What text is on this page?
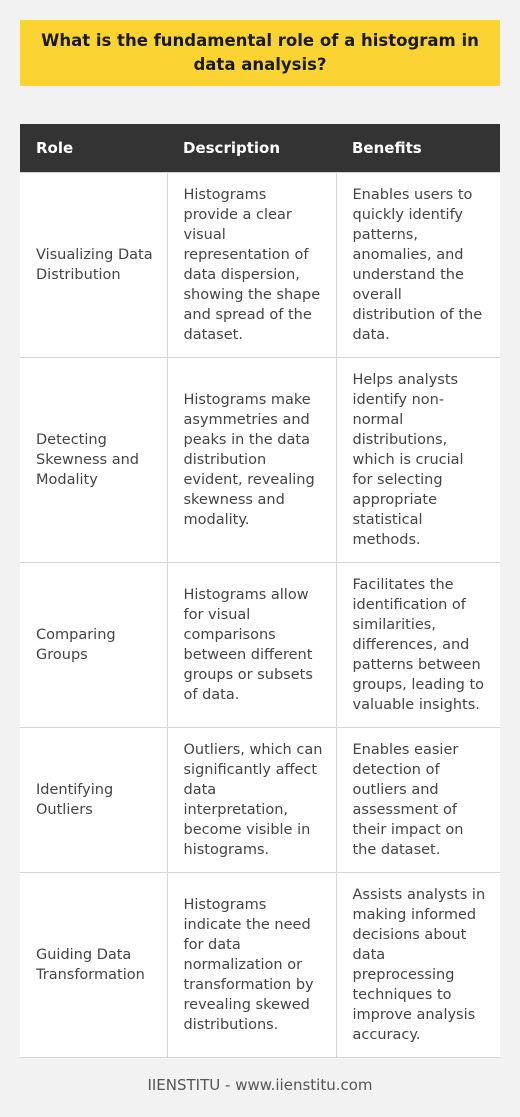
What is the fundamental role of a histogram in data analysis?
Role	Description	Benefits
Visualizing Data Distribution	Histograms provide a clear visual representation of data dispersion, showing the shape and spread of the dataset.	Enables users to quickly identify patterns, anomalies, and understand the overall distribution of the data.
Detecting Skewness and Modality	Histograms make asymmetries and peaks in the data distribution evident, revealing skewness and modality.	Helps analysts identify non-normal distributions, which is crucial for selecting appropriate statistical methods.
Comparing Groups	Histograms allow for visual comparisons between different groups or subsets of data.	Facilitates the identification of similarities, differences, and patterns between groups, leading to valuable insights.
Identifying Outliers	Outliers, which can significantly affect data interpretation, become visible in histograms.	Enables easier detection of outliers and assessment of their impact on the dataset.
Guiding Data Transformation	Histograms indicate the need for data normalization or transformation by revealing skewed distributions.	Assists analysts in making informed decisions about data preprocessing techniques to improve analysis accuracy.
IIENSTITU - www.iienstitu.com
